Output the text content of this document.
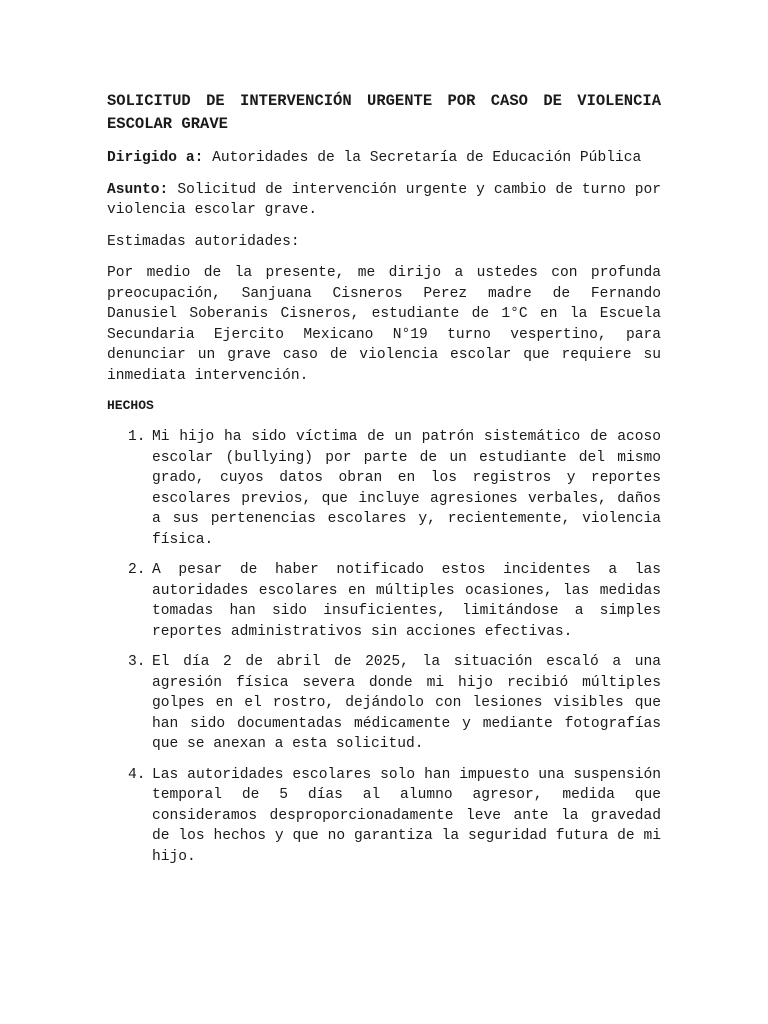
SOLICITUD DE INTERVENCIÓN URGENTE POR CASO DE VIOLENCIA ESCOLAR GRAVE

Dirigido a: Autoridades de la Secretaría de Educación Pública

Asunto: Solicitud de intervención urgente y cambio de turno por violencia escolar grave.

Estimadas autoridades:

Por medio de la presente, me dirijo a ustedes con profunda preocupación, Sanjuana Cisneros Perez madre de Fernando Danusiel Soberanis Cisneros, estudiante de 1°C en la Escuela Secundaria Ejercito Mexicano N°19 turno vespertino, para denunciar un grave caso de violencia escolar que requiere su inmediata intervención.

HECHOS
1. Mi hijo ha sido víctima de un patrón sistemático de acoso escolar (bullying) por parte de un estudiante del mismo grado, cuyos datos obran en los registros y reportes escolares previos, que incluye agresiones verbales, daños a sus pertenencias escolares y, recientemente, violencia física.
2. A pesar de haber notificado estos incidentes a las autoridades escolares en múltiples ocasiones, las medidas tomadas han sido insuficientes, limitándose a simples reportes administrativos sin acciones efectivas.
3. El día 2 de abril de 2025, la situación escaló a una agresión física severa donde mi hijo recibió múltiples golpes en el rostro, dejándolo con lesiones visibles que han sido documentadas médicamente y mediante fotografías que se anexan a esta solicitud.
4. Las autoridades escolares solo han impuesto una suspensión temporal de 5 días al alumno agresor, medida que consideramos desproporcionadamente leve ante la gravedad de los hechos y que no garantiza la seguridad futura de mi hijo.
